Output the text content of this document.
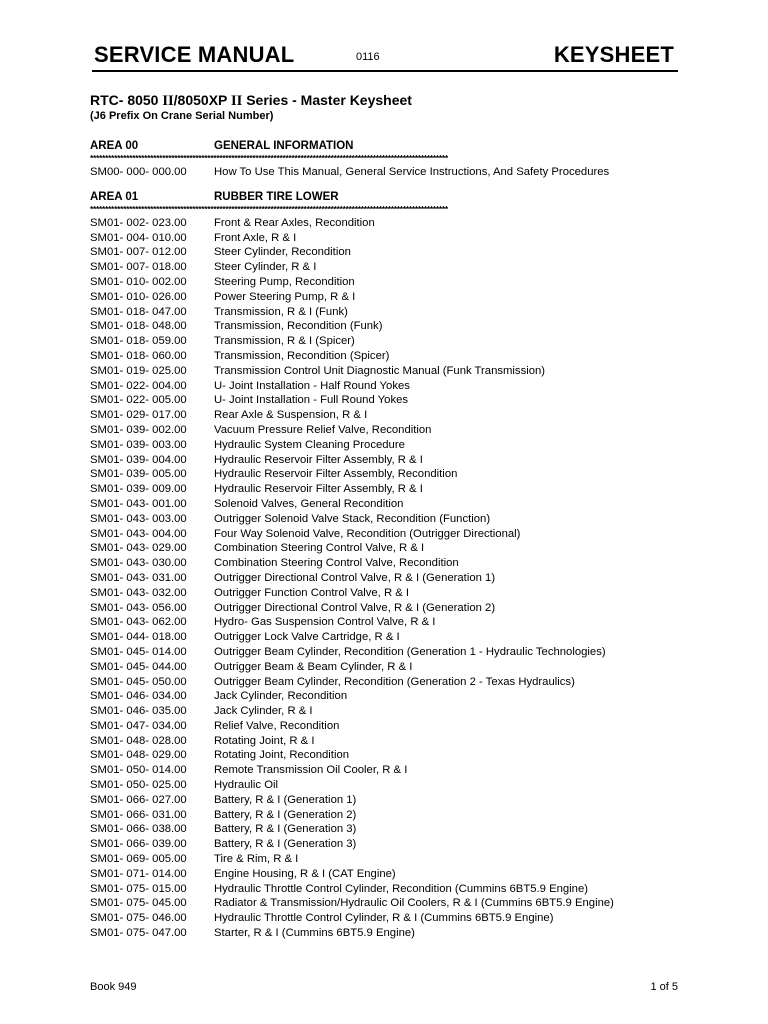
SERVICE MANUAL	0116	KEYSHEET
RTC- 8050 II/8050XP II Series - Master Keysheet
(J6 Prefix On Crane Serial Number)
AREA 00	GENERAL INFORMATION
***********************************************************************************************************************
SM00- 000- 000.00	How To Use This Manual, General Service Instructions, And Safety Procedures
AREA 01	RUBBER TIRE LOWER
***********************************************************************************************************************
SM01- 002- 023.00	Front & Rear Axles, Recondition
SM01- 004- 010.00	Front Axle, R & I
SM01- 007- 012.00	Steer Cylinder, Recondition
SM01- 007- 018.00	Steer Cylinder, R & I
SM01- 010- 002.00	Steering Pump, Recondition
SM01- 010- 026.00	Power Steering Pump, R & I
SM01- 018- 047.00	Transmission, R & I (Funk)
SM01- 018- 048.00	Transmission, Recondition (Funk)
SM01- 018- 059.00	Transmission, R & I (Spicer)
SM01- 018- 060.00	Transmission, Recondition (Spicer)
SM01- 019- 025.00	Transmission Control Unit Diagnostic Manual (Funk Transmission)
SM01- 022- 004.00	U- Joint Installation - Half Round Yokes
SM01- 022- 005.00	U- Joint Installation - Full Round Yokes
SM01- 029- 017.00	Rear Axle & Suspension, R & I
SM01- 039- 002.00	Vacuum Pressure Relief Valve, Recondition
SM01- 039- 003.00	Hydraulic System Cleaning Procedure
SM01- 039- 004.00	Hydraulic Reservoir Filter Assembly, R & I
SM01- 039- 005.00	Hydraulic Reservoir Filter Assembly, Recondition
SM01- 039- 009.00	Hydraulic Reservoir Filter Assembly, R & I
SM01- 043- 001.00	Solenoid Valves, General Recondition
SM01- 043- 003.00	Outrigger Solenoid Valve Stack, Recondition (Function)
SM01- 043- 004.00	Four Way Solenoid Valve, Recondition (Outrigger Directional)
SM01- 043- 029.00	Combination Steering Control Valve, R & I
SM01- 043- 030.00	Combination Steering Control Valve, Recondition
SM01- 043- 031.00	Outrigger Directional Control Valve, R & I (Generation 1)
SM01- 043- 032.00	Outrigger Function Control Valve, R & I
SM01- 043- 056.00	Outrigger Directional Control Valve, R & I (Generation 2)
SM01- 043- 062.00	Hydro- Gas Suspension Control Valve, R & I
SM01- 044- 018.00	Outrigger Lock Valve Cartridge, R & I
SM01- 045- 014.00	Outrigger Beam Cylinder, Recondition (Generation 1 - Hydraulic Technologies)
SM01- 045- 044.00	Outrigger Beam & Beam Cylinder, R & I
SM01- 045- 050.00	Outrigger Beam Cylinder, Recondition (Generation 2 - Texas Hydraulics)
SM01- 046- 034.00	Jack Cylinder, Recondition
SM01- 046- 035.00	Jack Cylinder, R & I
SM01- 047- 034.00	Relief Valve, Recondition
SM01- 048- 028.00	Rotating Joint, R & I
SM01- 048- 029.00	Rotating Joint, Recondition
SM01- 050- 014.00	Remote Transmission Oil Cooler, R & I
SM01- 050- 025.00	Hydraulic Oil
SM01- 066- 027.00	Battery, R & I (Generation 1)
SM01- 066- 031.00	Battery, R & I (Generation 2)
SM01- 066- 038.00	Battery, R & I (Generation 3)
SM01- 066- 039.00	Battery, R & I (Generation 3)
SM01- 069- 005.00	Tire & Rim, R & I
SM01- 071- 014.00	Engine Housing, R & I (CAT Engine)
SM01- 075- 015.00	Hydraulic Throttle Control Cylinder, Recondition (Cummins 6BT5.9 Engine)
SM01- 075- 045.00	Radiator & Transmission/Hydraulic Oil Coolers, R & I (Cummins 6BT5.9 Engine)
SM01- 075- 046.00	Hydraulic Throttle Control Cylinder, R & I (Cummins 6BT5.9 Engine)
SM01- 075- 047.00	Starter, R & I (Cummins 6BT5.9 Engine)
Book 949	1 of 5
